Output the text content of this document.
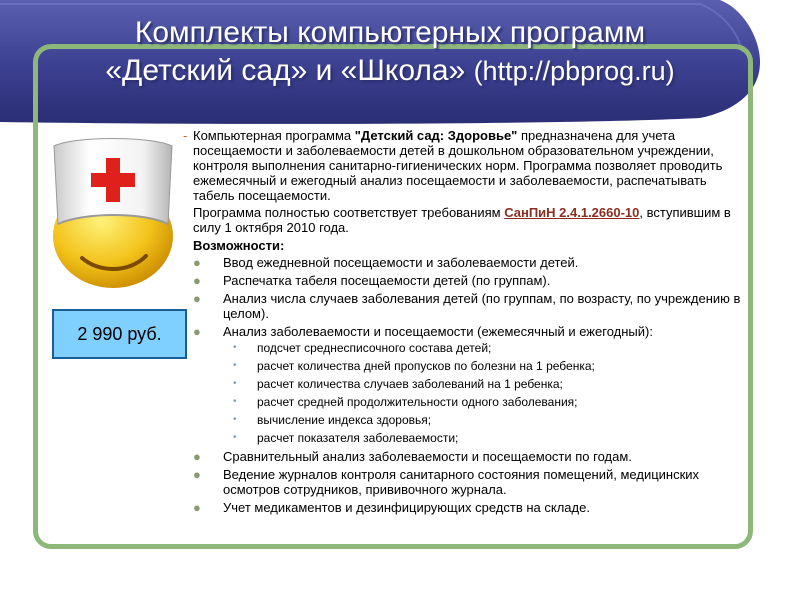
Комплекты компьютерных программ
«Детский сад» и «Школа» (http://pbprog.ru)
2 990 руб.

- Компьютерная программа "Детский сад: Здоровье" предназначена для учета посещаемости и заболеваемости детей в дошкольном образовательном учреждении, контроля выполнения санитарно-гигиенических норм. Программа позволяет проводить ежемесячный и ежегодный анализ посещаемости и заболеваемости, распечатывать табель посещаемости.

Программа полностью соответствует требованиям СанПиН 2.4.1.2660-10, вступившим в силу 1 октября 2010 года.

Возможности:

● Ввод ежедневной посещаемости и заболеваемости детей.
● Распечатка табеля посещаемости детей (по группам).
● Анализ числа случаев заболевания детей (по группам, по возрасту, по учреждению в целом).
● Анализ заболеваемости и посещаемости (ежемесячный и ежегодный):
• подсчет среднесписочного состава детей;
• расчет количества дней пропусков по болезни на 1 ребенка;
• расчет количества случаев заболеваний на 1 ребенка;
• расчет средней продолжительности одного заболевания;
• вычисление индекса здоровья;
• расчет показателя заболеваемости;
● Сравнительный анализ заболеваемости и посещаемости по годам.
● Ведение журналов контроля санитарного состояния помещений, медицинских осмотров сотрудников, прививочного журнала.
● Учет медикаментов и дезинфицирующих средств на складе.
